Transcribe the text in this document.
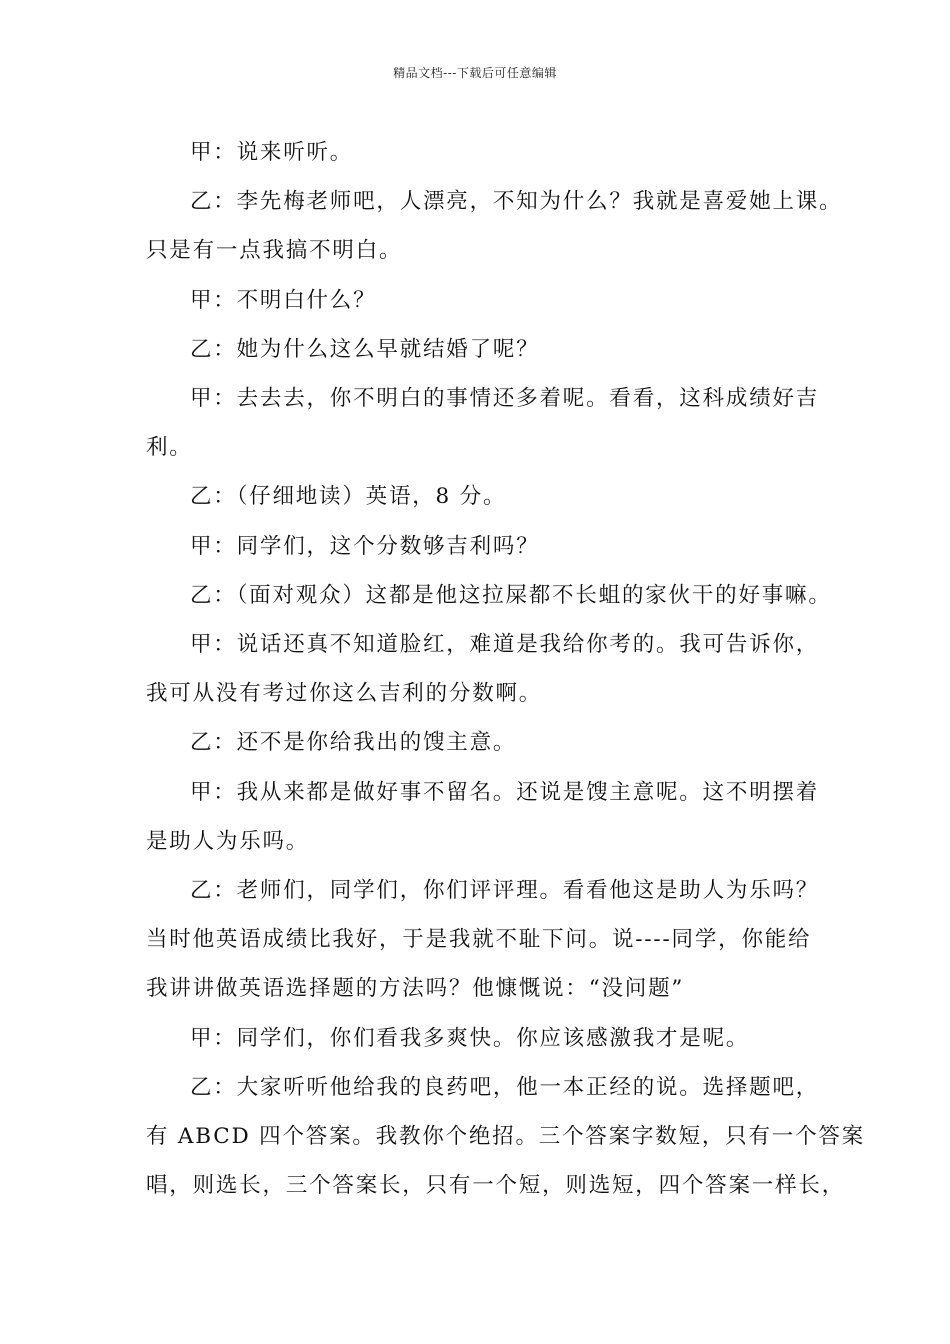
精品文档---下载后可任意编辑
甲：说来听听。
乙：李先梅老师吧，人漂亮，不知为什么？我就是喜爱她上课。
只是有一点我搞不明白。
甲：不明白什么？
乙：她为什么这么早就结婚了呢？
甲：去去去，你不明白的事情还多着呢。看看，这科成绩好吉
利。
乙：（仔细地读）英语，8 分。
甲：同学们，这个分数够吉利吗？
乙：（面对观众）这都是他这拉屎都不长蛆的家伙干的好事嘛。
甲：说话还真不知道脸红，难道是我给你考的。我可告诉你，
我可从没有考过你这么吉利的分数啊。
乙：还不是你给我出的馊主意。
甲：我从来都是做好事不留名。还说是馊主意呢。这不明摆着
是助人为乐吗。
乙：老师们，同学们，你们评评理。看看他这是助人为乐吗？
当时他英语成绩比我好，于是我就不耻下问。说----同学，你能给
我讲讲做英语选择题的方法吗？他慷慨说：“没问题”
甲：同学们，你们看我多爽快。你应该感激我才是呢。
乙：大家听听他给我的良药吧，他一本正经的说。选择题吧，
有 ABCD 四个答案。我教你个绝招。三个答案字数短，只有一个答案
唱，则选长，三个答案长，只有一个短，则选短，四个答案一样长，
